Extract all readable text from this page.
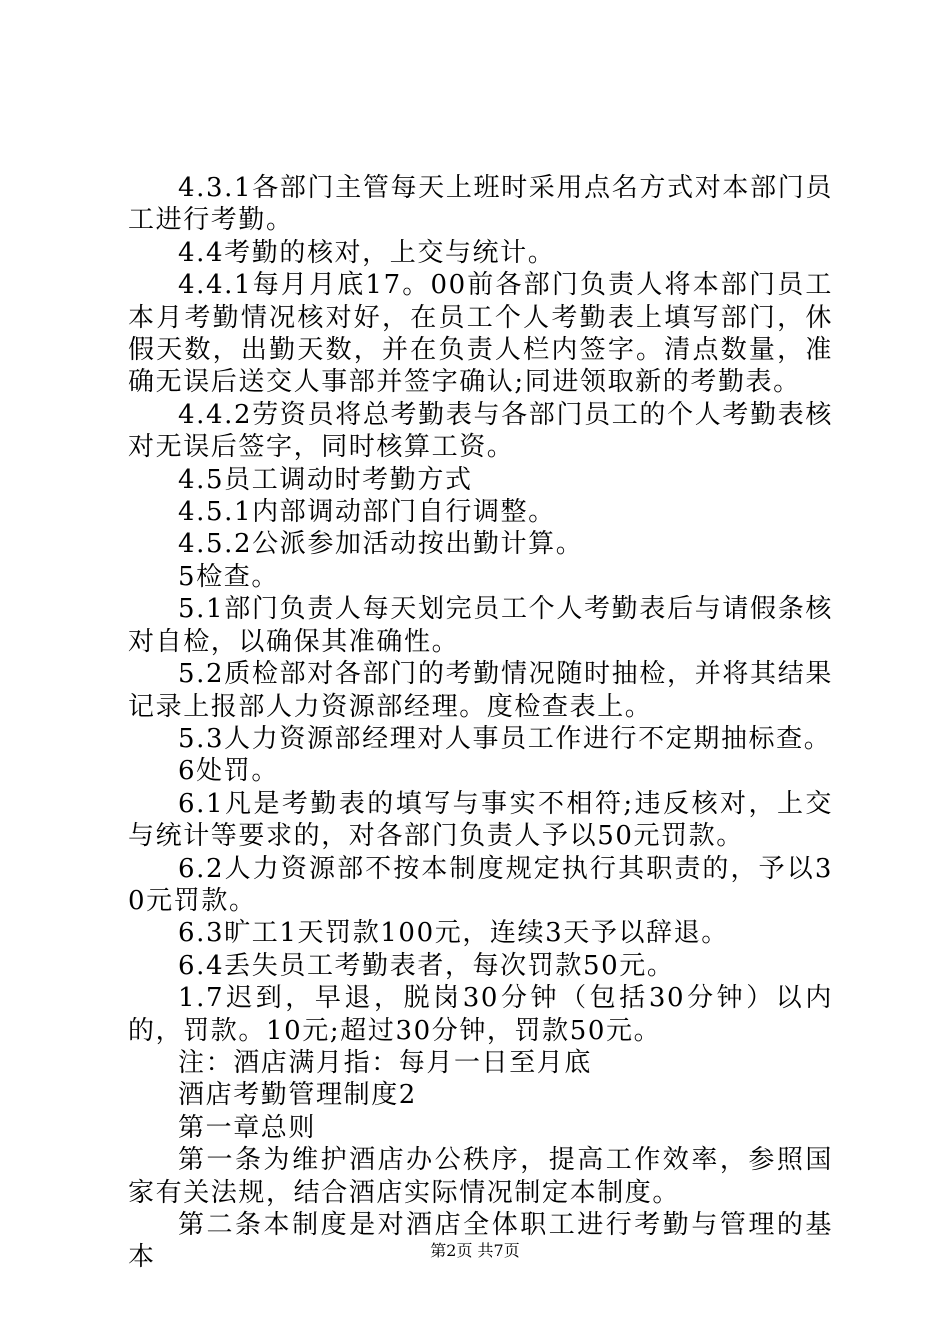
4.3.1各部门主管每天上班时采用点名方式对本部门员工进行考勤。

4.4考勤的核对，上交与统计。

4.4.1每月月底17。00前各部门负责人将本部门员工本月考勤情况核对好，在员工个人考勤表上填写部门，休假天数，出勤天数，并在负责人栏内签字。清点数量，准确无误后送交人事部并签字确认;同进领取新的考勤表。

4.4.2劳资员将总考勤表与各部门员工的个人考勤表核对无误后签字，同时核算工资。

4.5员工调动时考勤方式

4.5.1内部调动部门自行调整。

4.5.2公派参加活动按出勤计算。

5检查。

5.1部门负责人每天划完员工个人考勤表后与请假条核对自检，以确保其准确性。

5.2质检部对各部门的考勤情况随时抽检，并将其结果记录上报部人力资源部经理。度检查表上。

5.3人力资源部经理对人事员工作进行不定期抽标查。

6处罚。

6.1凡是考勤表的填写与事实不相符;违反核对，上交与统计等要求的，对各部门负责人予以50元罚款。

6.2人力资源部不按本制度规定执行其职责的，予以30元罚款。

6.3旷工1天罚款100元，连续3天予以辞退。

6.4丢失员工考勤表者，每次罚款50元。

1.7迟到，早退，脱岗30分钟（包括30分钟）以内的，罚款。10元;超过30分钟，罚款50元。

注：酒店满月指：每月一日至月底

酒店考勤管理制度2

第一章总则

第一条为维护酒店办公秩序，提高工作效率，参照国家有关法规，结合酒店实际情况制定本制度。

第二条本制度是对酒店全体职工进行考勤与管理的基本	第2页 共7页
